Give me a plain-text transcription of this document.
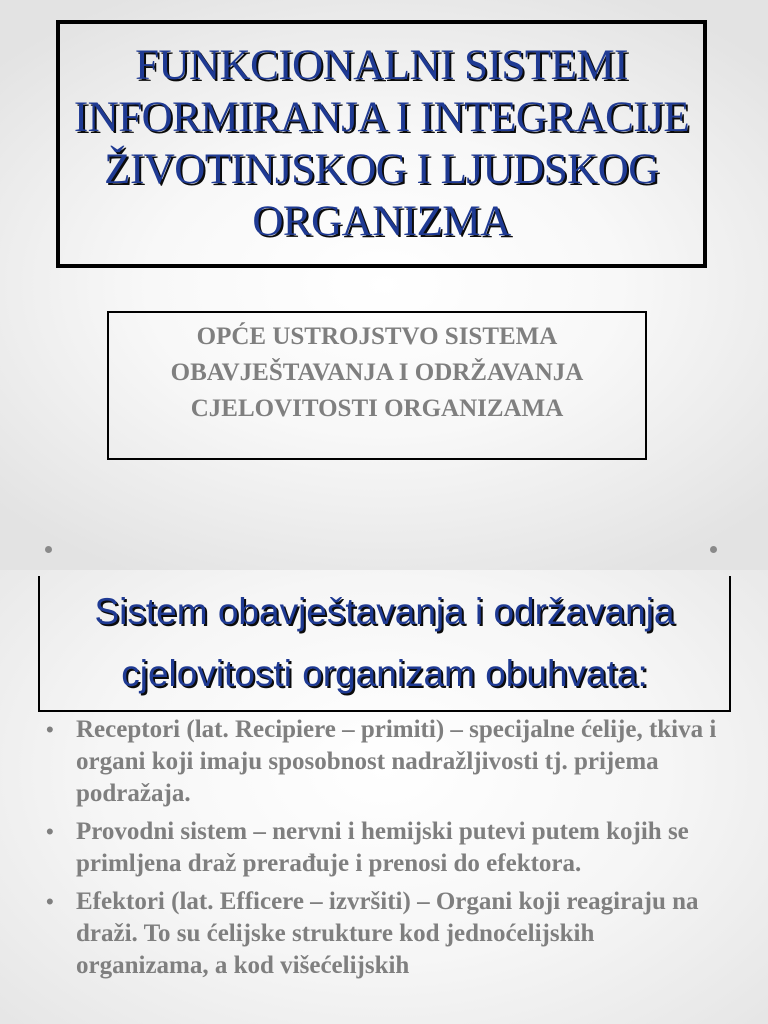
FUNKCIONALNI SISTEMI INFORMIRANJA I INTEGRACIJE ŽIVOTINJSKOG I LJUDSKOG ORGANIZMA
OPĆE USTROJSTVO SISTEMA OBAVJEŠTAVANJA I ODRŽAVANJA CJELOVITOSTI ORGANIZAMA
Sistem obavještavanja i održavanja cjelovitosti organizam obuhvata:
• Receptori (lat. Recipiere – primiti) – specijalne ćelije, tkiva i organi koji imaju sposobnost nadražljivosti tj. prijema podražaja.
• Provodni sistem – nervni i hemijski putevi putem kojih se primljena draž prerađuje i prenosi do efektora.
• Efektori (lat. Efficere – izvršiti) – Organi koji reagiraju na draži. To su ćelijske strukture kod jednoćelijskih organizama, a kod višećelijskih
